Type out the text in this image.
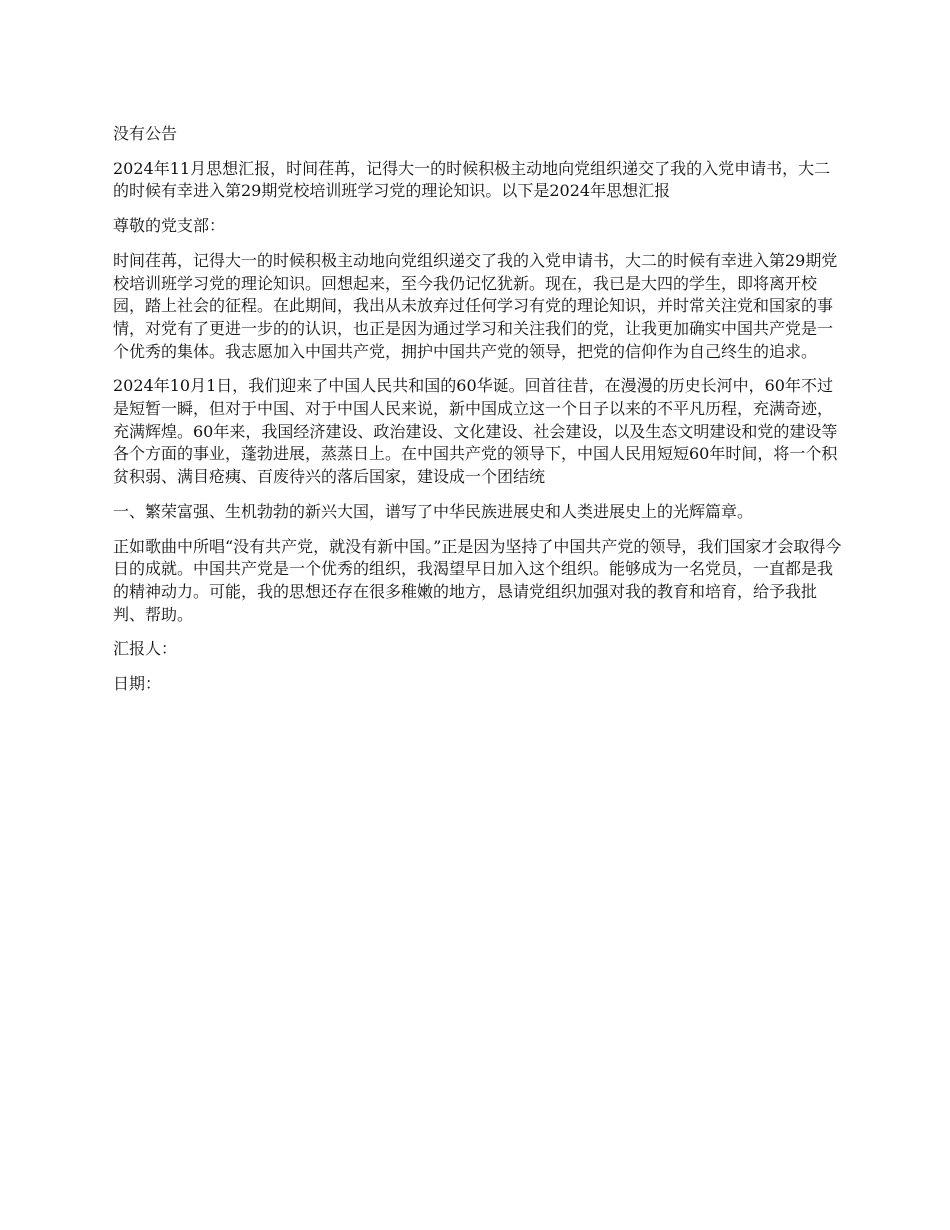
没有公告

2024年11月思想汇报，时间荏苒，记得大一的时候积极主动地向党组织递交了我的入党申请书，大二的时候有幸进入第29期党校培训班学习党的理论知识。以下是2024年思想汇报

尊敬的党支部：

时间荏苒，记得大一的时候积极主动地向党组织递交了我的入党申请书，大二的时候有幸进入第29期党校培训班学习党的理论知识。回想起来，至今我仍记忆犹新。现在，我已是大四的学生，即将离开校园，踏上社会的征程。在此期间，我出从未放弃过任何学习有党的理论知识，并时常关注党和国家的事情，对党有了更进一步的的认识，也正是因为通过学习和关注我们的党，让我更加确实中国共产党是一个优秀的集体。我志愿加入中国共产党，拥护中国共产党的领导，把党的信仰作为自己终生的追求。

2024年10月1日，我们迎来了中国人民共和国的60华诞。回首往昔，在漫漫的历史长河中，60年不过是短暂一瞬，但对于中国、对于中国人民来说，新中国成立这一个日子以来的不平凡历程，充满奇迹，充满辉煌。60年来，我国经济建设、政治建设、文化建设、社会建设，以及生态文明建设和党的建设等各个方面的事业，蓬勃进展，蒸蒸日上。在中国共产党的领导下，中国人民用短短60年时间，将一个积贫积弱、满目疮痍、百废待兴的落后国家，建设成一个团结统

一、繁荣富强、生机勃勃的新兴大国，谱写了中华民族进展史和人类进展史上的光辉篇章。

正如歌曲中所唱“没有共产党，就没有新中国。”正是因为坚持了中国共产党的领导，我们国家才会取得今日的成就。中国共产党是一个优秀的组织，我渴望早日加入这个组织。能够成为一名党员，一直都是我的精神动力。可能，我的思想还存在很多稚嫩的地方，恳请党组织加强对我的教育和培育，给予我批判、帮助。

汇报人：

日期：
